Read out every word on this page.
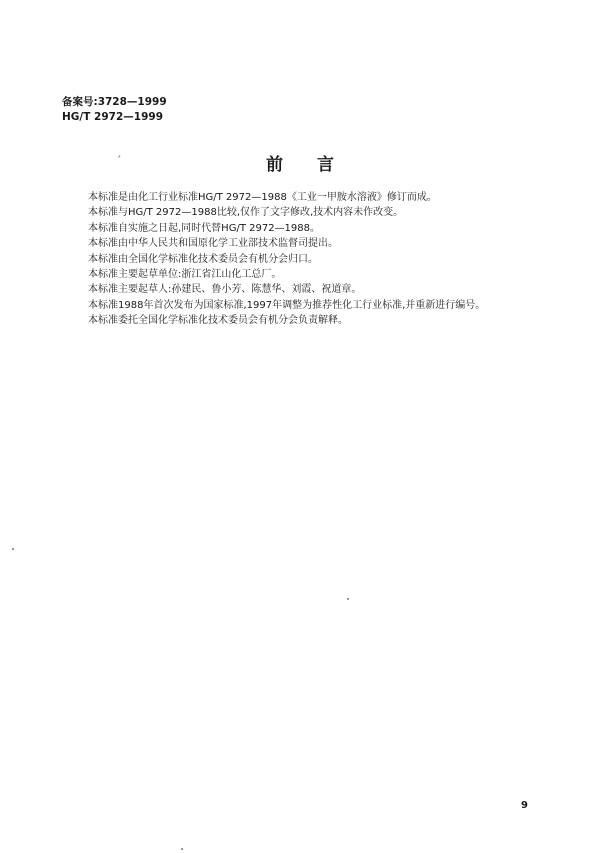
备案号:3728—1999
HG/T 2972—1999
ˊ	前言

本标准是由化工行业标准HG/T 2972—1988《工业一甲胺水溶液》修订而成。

本标准与HG/T 2972—1988比较,仅作了文字修改,技术内容未作改变。

本标准自实施之日起,同时代替HG/T 2972—1988。

本标准由中华人民共和国原化学工业部技术监督司提出。

本标准由全国化学标准化技术委员会有机分会归口。

本标准主要起草单位:浙江省江山化工总厂。

本标准主要起草人:孙建民、鲁小芳、陈慧华、刘霞、祝道章。

本标准1988年首次发布为国家标准,1997年调整为推荐性化工行业标准,并重新进行编号。

本标准委托全国化学标准化技术委员会有机分会负责解释。

9
